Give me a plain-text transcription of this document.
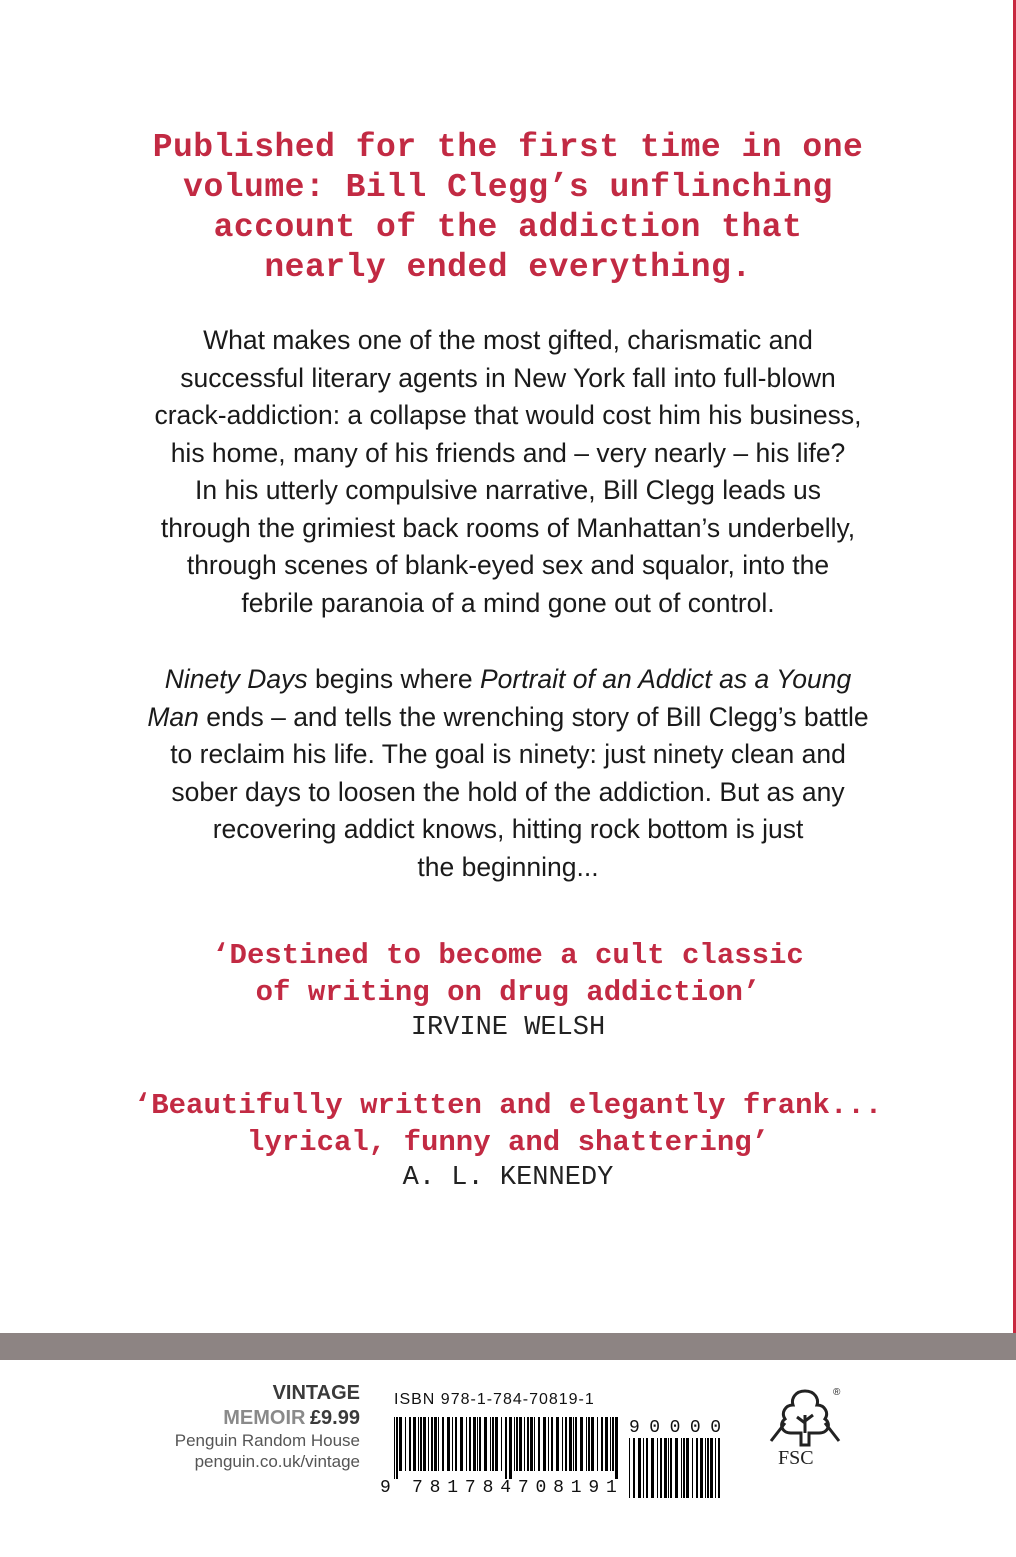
Published for the first time in one
volume: Bill Clegg’s unflinching
account of the addiction that
nearly ended everything.
What makes one of the most gifted, charismatic and
successful literary agents in New York fall into full-blown
crack-addiction: a collapse that would cost him his business,
his home, many of his friends and – very nearly – his life?
In his utterly compulsive narrative, Bill Clegg leads us
through the grimiest back rooms of Manhattan’s underbelly,
through scenes of blank-eyed sex and squalor, into the
febrile paranoia of a mind gone out of control.
Ninety Days begins where Portrait of an Addict as a Young
Man ends – and tells the wrenching story of Bill Clegg’s battle
to reclaim his life. The goal is ninety: just ninety clean and
sober days to loosen the hold of the addiction. But as any
recovering addict knows, hitting rock bottom is just
the beginning...
‘Destined to become a cult classic
of writing on drug addiction’
IRVINE WELSH
‘Beautifully written and elegantly frank...
lyrical, funny and shattering’
A. L. KENNEDY
VINTAGE
MEMOIR £9.99
Penguin Random House
penguin.co.uk/vintage
ISBN 978-1-784-70819-1
9 7 8 1 7 8 4 7 0 8 1 9 1
9 0 0 0 0
®
FSC
